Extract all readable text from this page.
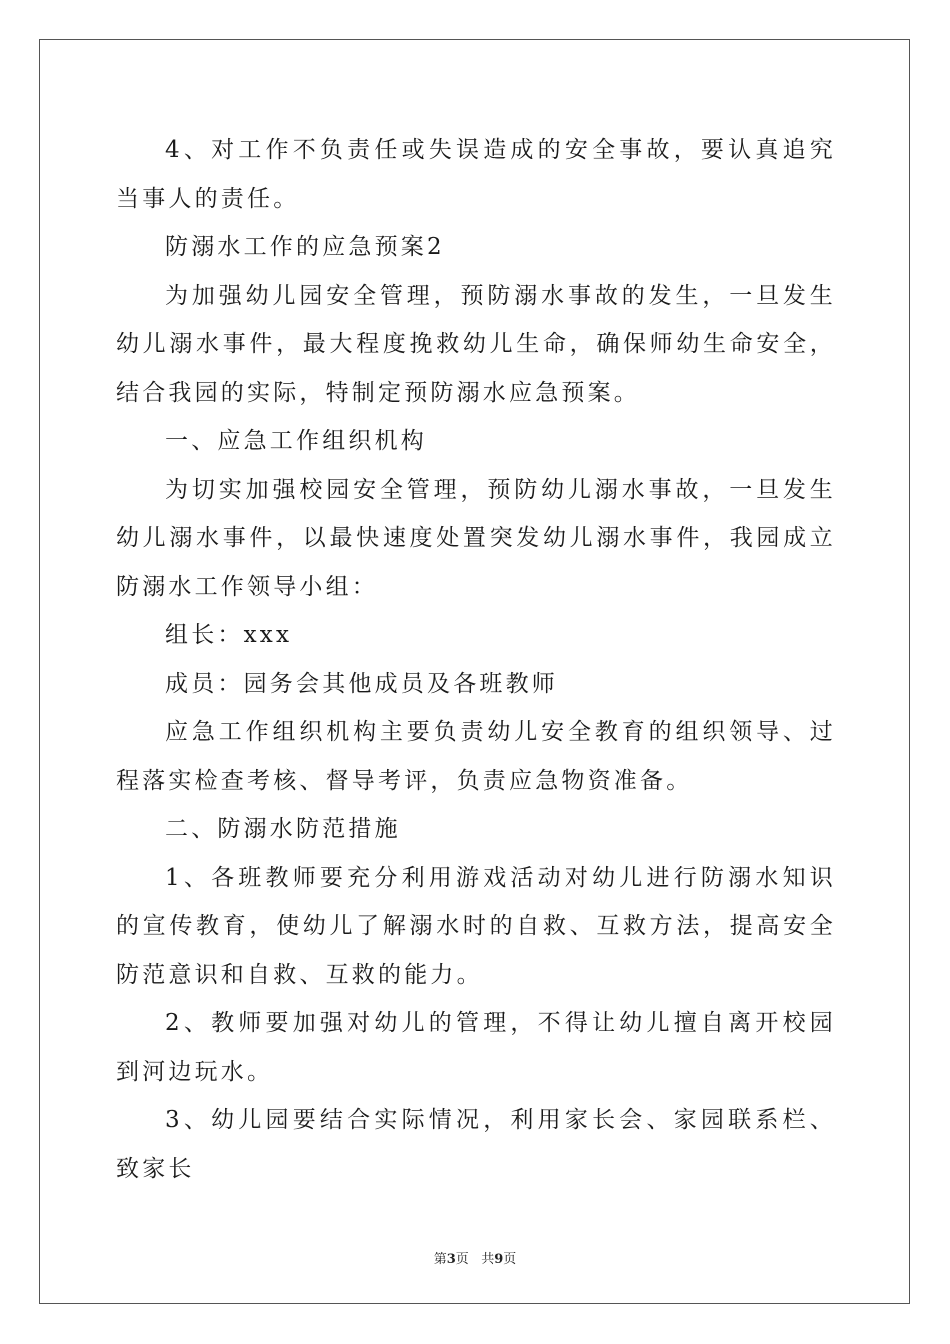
4、对工作不负责任或失误造成的安全事故，要认真追究当事人的责任。

防溺水工作的应急预案2

为加强幼儿园安全管理，预防溺水事故的发生，一旦发生幼儿溺水事件，最大程度挽救幼儿生命，确保师幼生命安全，结合我园的实际，特制定预防溺水应急预案。

一、应急工作组织机构

为切实加强校园安全管理，预防幼儿溺水事故，一旦发生幼儿溺水事件，以最快速度处置突发幼儿溺水事件，我园成立防溺水工作领导小组：

组长：xxx

成员：园务会其他成员及各班教师

应急工作组织机构主要负责幼儿安全教育的组织领导、过程落实检查考核、督导考评，负责应急物资准备。

二、防溺水防范措施

1、各班教师要充分利用游戏活动对幼儿进行防溺水知识的宣传教育，使幼儿了解溺水时的自救、互救方法，提高安全防范意识和自救、互救的能力。

2、教师要加强对幼儿的管理，不得让幼儿擅自离开校园到河边玩水。

3、幼儿园要结合实际情况，利用家长会、家园联系栏、致家长

第3页 共9页
